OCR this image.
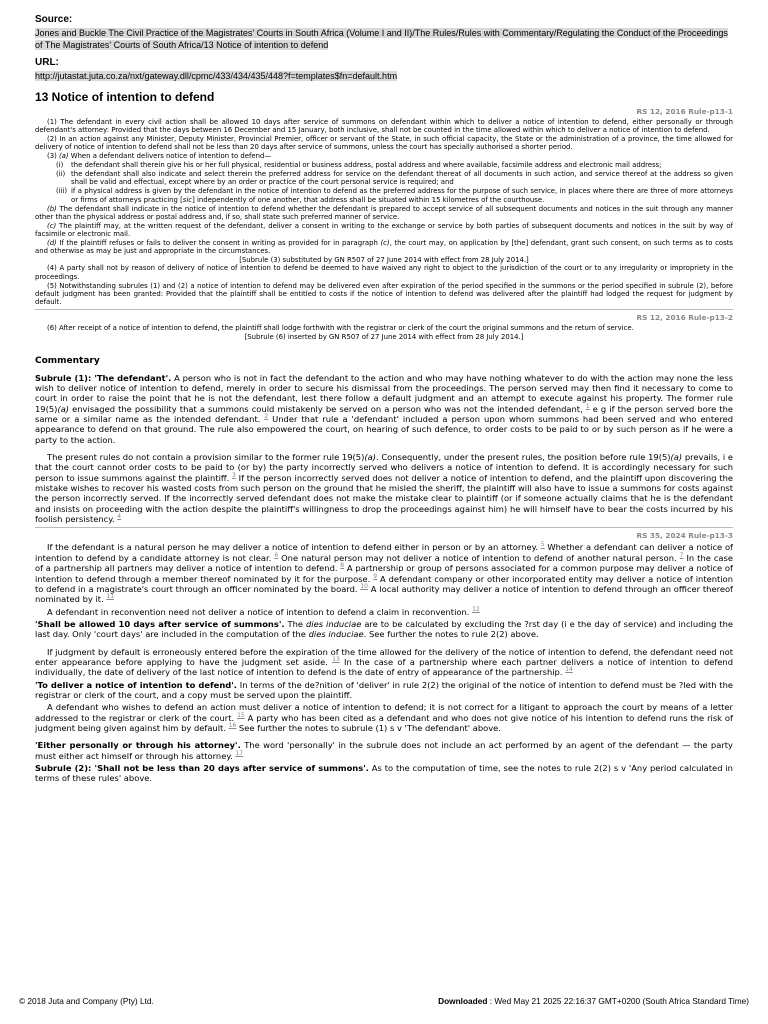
Source:
Jones and Buckle The Civil Practice of the Magistrates' Courts in South Africa (Volume I and II)/The Rules/Rules with Commentary/Regulating the Conduct of the Proceedings of The Magistrates' Courts of South Africa/13 Notice of intention to defend
URL:
http://jutastat.juta.co.za/nxt/gateway.dll/cpmc/433/434/435/448?f=templates$fn=default.htm
13 Notice of intention to defend
RS 12, 2016 Rule-p13-1

(1) The defendant in every civil action shall be allowed 10 days after service of summons on defendant within which to deliver a notice of intention to defend, either personally or through defendant's attorney: Provided that the days between 16 December and 15 January, both inclusive, shall not be counted in the time allowed within which to deliver a notice of intention to defend.

(2) In an action against any Minister, Deputy Minister, Provincial Premier, officer or servant of the State, in such official capacity, the State or the administration of a province, the time allowed for delivery of notice of intention to defend shall not be less than 20 days after service of summons, unless the court has specially authorised a shorter period.

(3) (a) When a defendant delivers notice of intention to defend—

(i)	the defendant shall therein give his or her full physical, residential or business address, postal address and where available, facsimile address and electronic mail address;
(ii) the defendant shall also indicate and select therein the preferred address for service on the defendant thereat of all documents in such action, and service thereof at the address so given shall be valid and effectual, except where by an order or practice of the court personal service is required; and
(iii) if a physical address is given by the defendant in the notice of intention to defend as the preferred address for the purpose of such service, in places where there are three of more attorneys or firms of attorneys practicing [sic] independently of one another, that address shall be situated within 15 kilometres of the courthouse.

(b) The defendant shall indicate in the notice of intention to defend whether the defendant is prepared to accept service of all subsequent documents and notices in the suit through any manner other than the physical address or postal address and, if so, shall state such preferred manner of service.

(c) The plaintiff may, at the written request of the defendant, deliver a consent in writing to the exchange or service by both parties of subsequent documents and notices in the suit by way of facsimile or electronic mail.

(d) If the plaintiff refuses or fails to deliver the consent in writing as provided for in paragraph (c), the court may, on application by [the] defendant, grant such consent, on such terms as to costs and otherwise as may be just and appropriate in the circumstances.

[Subrule (3) substituted by GN R507 of 27 June 2014 with effect from 28 July 2014.]

(4) A party shall not by reason of delivery of notice of intention to defend be deemed to have waived any right to object to the jurisdiction of the court or to any irregularity or impropriety in the proceedings.

(5) Notwithstanding subrules (1) and (2) a notice of intention to defend may be delivered even after expiration of the period specified in the summons or the period specified in subrule (2), before default judgment has been granted: Provided that the plaintiff shall be entitled to costs if the notice of intention to defend was delivered after the plaintiff had lodged the request for judgment by default.

RS 12, 2016 Rule-p13-2

(6) After receipt of a notice of intention to defend, the plaintiff shall lodge forthwith with the registrar or clerk of the court the original summons and the return of service.

[Subrule (6) inserted by GN R507 of 27 June 2014 with effect from 28 July 2014.]

Commentary

Subrule (1): 'The defendant'. A person who is not in fact the defendant to the action and who may have nothing whatever to do with the action may none the less wish to deliver notice of intention to defend, merely in order to secure his dismissal from the proceedings. The person served may then find it necessary to come to court in order to raise the point that he is not the defendant, lest there follow a default judgment and an attempt to execute against his property. The former rule 19(5)(a) envisaged the possibility that a summons could mistakenly be served on a person who was not the intended defendant, $^1$ e g if the person served bore the same or a similar name as the intended defendant. $^2$ Under that rule a 'defendant' included a person upon whom summons had been served and who entered appearance to defend on that ground. The rule also empowered the court, on hearing of such defence, to order costs to be paid to or by such person as if he were a party to the action.

The present rules do not contain a provision similar to the former rule 19(5)(a). Consequently, under the present rules, the position before rule 19(5)(a) prevails, i e that the court cannot order costs to be paid to (or by) the party incorrectly served who delivers a notice of intention to defend. It is accordingly necessary for such person to issue summons against the plaintiff. $^3$ If the person incorrectly served does not deliver a notice of intention to defend, and the plaintiff upon discovering the mistake wishes to recover his wasted costs from such person on the ground that he misled the sheriff, the plaintiff will also have to issue a summons for costs against the person incorrectly served. If the incorrectly served defendant does not make the mistake clear to plaintiff (or if someone actually claims that he is the defendant and insists on proceeding with the action despite the plaintiff's willingness to drop the proceedings against him) he will himself have to bear the costs incurred by his foolish persistency. $^4$

RS 35, 2024 Rule-p13-3

If the defendant is a natural person he may deliver a notice of intention to defend either in person or by an attorney. $^5$ Whether a defendant can deliver a notice of intention to defend by a candidate attorney is not clear. $^6$ One natural person may not deliver a notice of intention to defend of another natural person. $^7$ In the case of a partnership all partners may deliver a notice of intention to defend. $^8$ A partnership or group of persons associated for a common purpose may deliver a notice of intention to defend through a member thereof nominated by it for the purpose. $^9$ A defendant company or other incorporated entity may deliver a notice of intention to defend in a magistrate's court through an officer nominated by the board. $^{10}$ A local authority may deliver a notice of intention to defend through an officer thereof nominated by it. $^{11}$

A defendant in reconvention need not deliver a notice of intention to defend a claim in reconvention. $^{12}$

'Shall be allowed 10 days after service of summons'. The dies induciae are to be calculated by excluding the ?rst day (i e the day of service) and including the last day. Only 'court days' are included in the computation of the dies induciae. See further the notes to rule 2(2) above.

If judgment by default is erroneously entered before the expiration of the time allowed for the delivery of the notice of intention to defend, the defendant need not enter appearance before applying to have the judgment set aside. $^{13}$ In the case of a partnership where each partner delivers a notice of intention to defend individually, the date of delivery of the last notice of intention to defend is the date of entry of appearance of the partnership. $^{14}$

'To deliver a notice of intention to defend'. In terms of the de?nition of 'deliver' in rule 2(2) the original of the notice of intention to defend must be ?led with the registrar or clerk of the court, and a copy must be served upon the plaintiff.

A defendant who wishes to defend an action must deliver a notice of intention to defend; it is not correct for a litigant to approach the court by means of a letter addressed to the registrar or clerk of the court. $^{15}$ A party who has been cited as a defendant and who does not give notice of his intention to defend runs the risk of judgment being given against him by default. $^{16}$ See further the notes to subrule (1) s v 'The defendant' above.

'Either personally or through his attorney'. The word 'personally' in the subrule does not include an act performed by an agent of the defendant — the party must either act himself or through his attorney. $^{17}$

Subrule (2): 'Shall not be less than 20 days after service of summons'. As to the computation of time, see the notes to rule 2(2) s v 'Any period calculated in terms of these rules' above.

© 2018 Juta and Company (Pty) Ltd.	Downloaded : Wed May 21 2025 22:16:37 GMT+0200 (South Africa Standard Time)
